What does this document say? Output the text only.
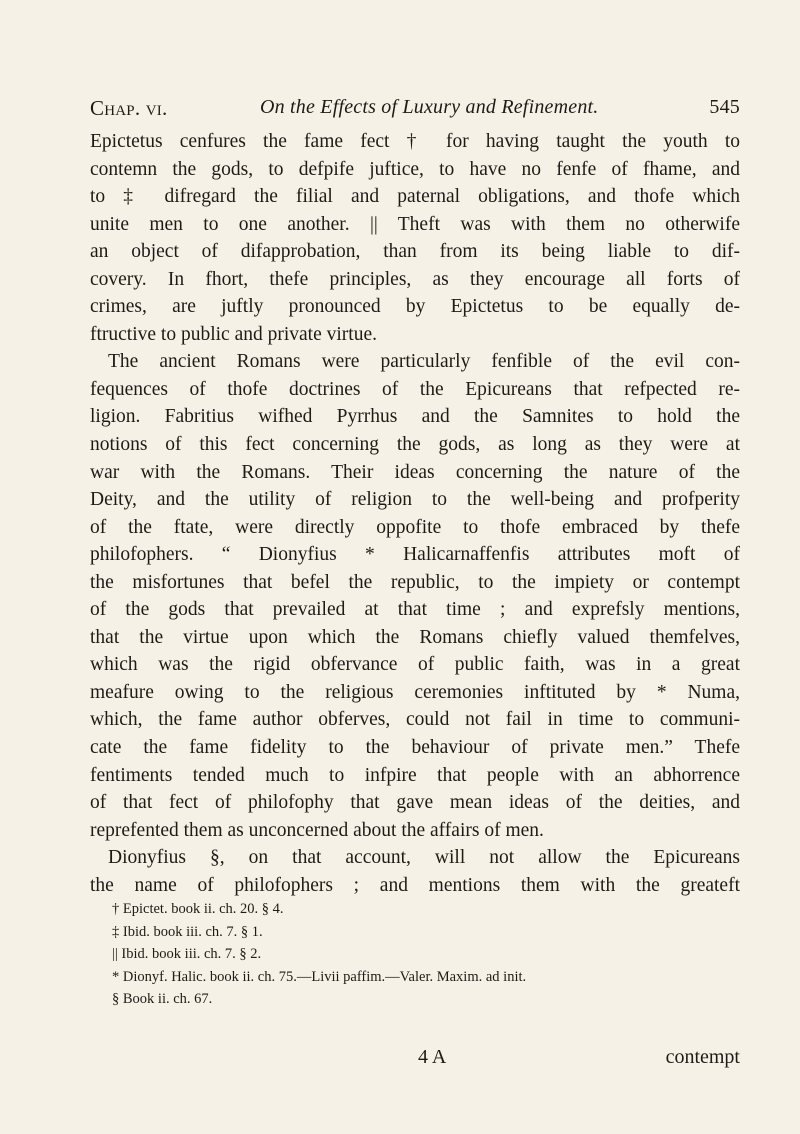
Chap. vi.	On the Effects of Luxury and Refinement.	545
Epictetus cenfures the fame fect † for having taught the youth to
contemn the gods, to defpife juftice, to have no fenfe of fhame, and
to ‡ difregard the filial and paternal obligations, and thofe which
unite men to one another. || Theft was with them no otherwife
an object of difapprobation, than from its being liable to dif-
covery. In fhort, thefe principles, as they encourage all forts of
crimes, are juftly pronounced by Epictetus to be equally de-
ftructive to public and private virtue.
The ancient Romans were particularly fenfible of the evil con-
fequences of thofe doctrines of the Epicureans that refpected re-
ligion. Fabritius wifhed Pyrrhus and the Samnites to hold the
notions of this fect concerning the gods, as long as they were at
war with the Romans. Their ideas concerning the nature of the
Deity, and the utility of religion to the well-being and profperity
of the ftate, were directly oppofite to thofe embraced by thefe
philofophers. “ Dionyfius * Halicarnaffenfis attributes moft of
the misfortunes that befel the republic, to the impiety or contempt
of the gods that prevailed at that time ; and exprefsly mentions,
that the virtue upon which the Romans chiefly valued themfelves,
which was the rigid obfervance of public faith, was in a great
meafure owing to the religious ceremonies inftituted by * Numa,
which, the fame author obferves, could not fail in time to communi-
cate the fame fidelity to the behaviour of private men.” Thefe
fentiments tended much to infpire that people with an abhorrence
of that fect of philofophy that gave mean ideas of the deities, and
reprefented them as unconcerned about the affairs of men.
Dionyfius §, on that account, will not allow the Epicureans
the name of philofophers ; and mentions them with the greateft
† Epictet. book ii. ch. 20. § 4.
‡ Ibid. book iii. ch. 7. § 1.
|| Ibid. book iii. ch. 7. § 2.
* Dionyf. Halic. book ii. ch. 75.—Livii paffim.—Valer. Maxim. ad init.
§ Book ii. ch. 67.
4 A	contempt
